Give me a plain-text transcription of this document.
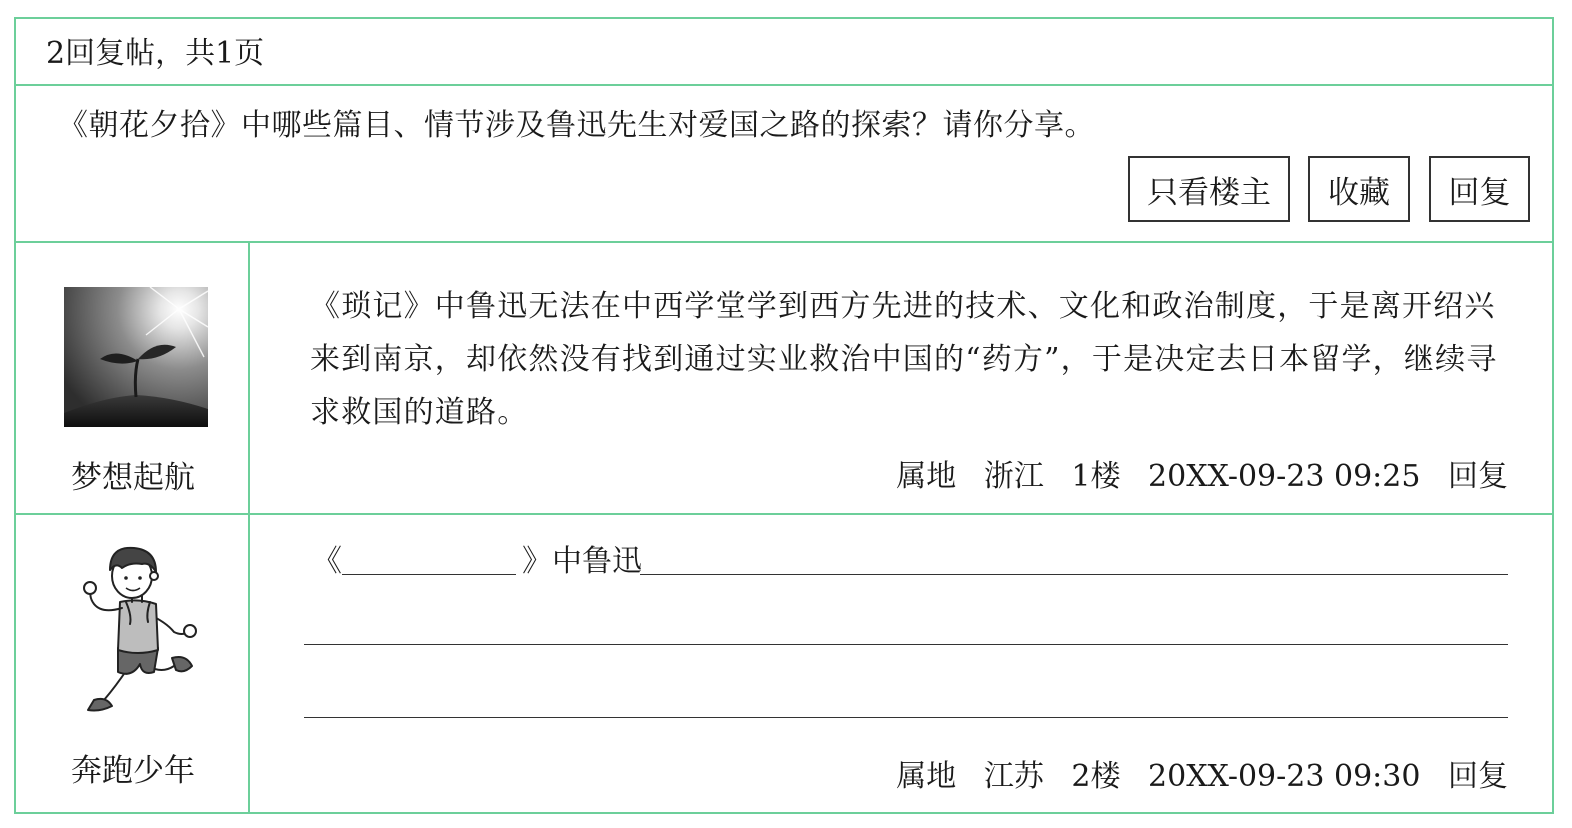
2回复帖，共1页
《朝花夕拾》中哪些篇目、情节涉及鲁迅先生对爱国之路的探索？请你分享。
只看楼主	收藏	回复
梦想起航
《琐记》中鲁迅无法在中西学堂学到西方先进的技术、文化和政治制度，于是离开绍兴来到南京，却依然没有找到通过实业救治中国的“药方”，于是决定去日本留学，继续寻求救国的道路。
属地 浙江 1楼 20XX-09-23 09:25 回复
奔跑少年
《	》中鲁迅
属地 江苏 2楼 20XX-09-23 09:30 回复
